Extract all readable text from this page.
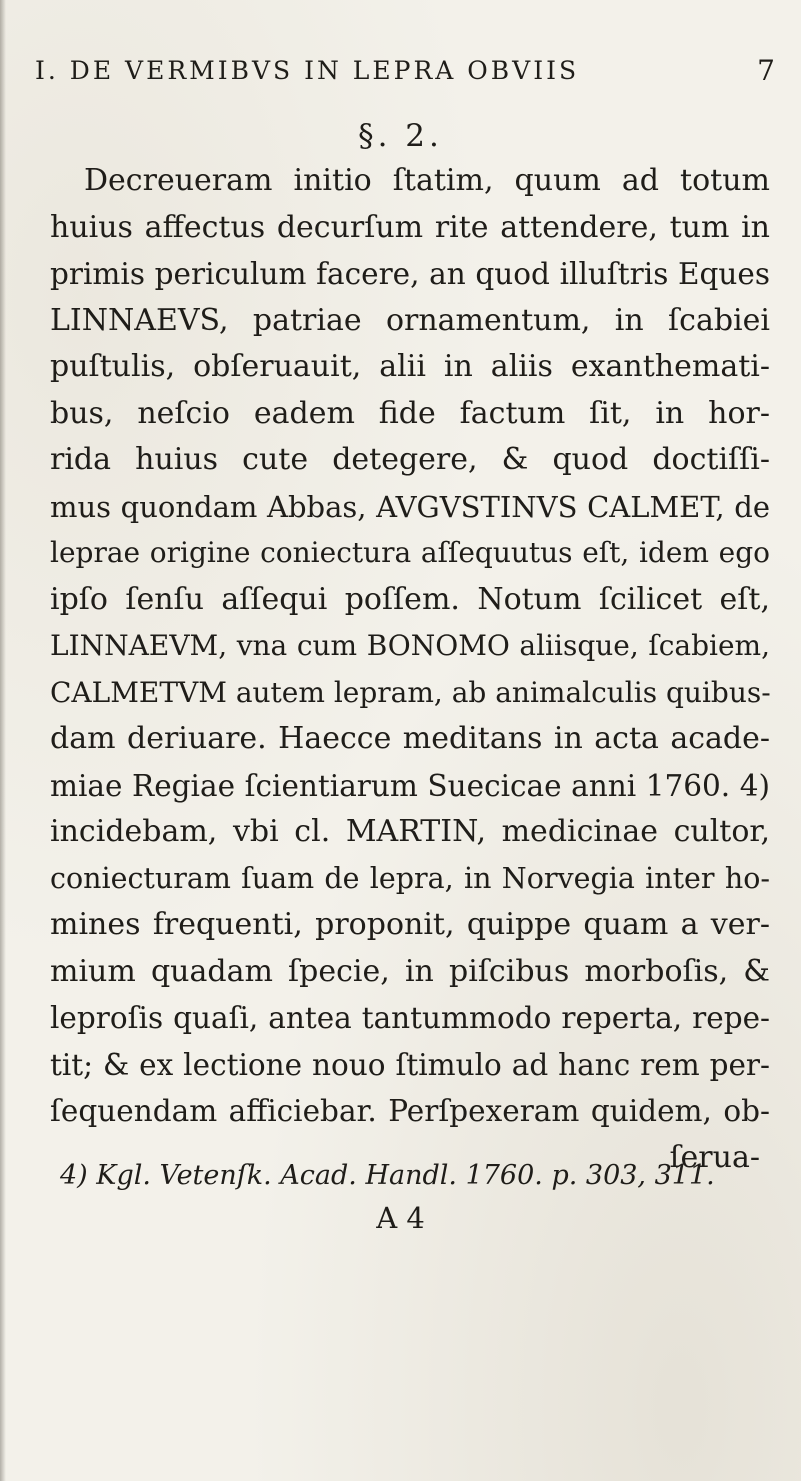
I. DE VERMIBVS IN LEPRA OBVIIS	7
§. 2.
Decreueram initio ſtatim, quum ad totum
huius affectus decurſum rite attendere, tum in
primis periculum facere, an quod illuſtris Eques
LINNAEVS, patriae ornamentum, in ſcabiei
puſtulis, obſeruauit, alii in aliis exanthemati-
bus, neſcio eadem fide factum ſit, in hor-
rida huius cute detegere, & quod doctiſſi-
mus quondam Abbas, AVGVSTINVS CALMET, de
leprae origine coniectura aſſequutus eſt, idem ego
ipſo ſenſu aſſequi poſſem. Notum ſcilicet eſt,
LINNAEVM, vna cum BONOMO aliisque, ſcabiem,
CALMETVM autem lepram, ab animalculis quibus-
dam deriuare. Haecce meditans in acta acade-
miae Regiae ſcientiarum Suecicae anni 1760. 4)
incidebam, vbi cl. MARTIN, medicinae cultor,
coniecturam ſuam de lepra, in Norvegia inter ho-
mines frequenti, proponit, quippe quam a ver-
mium quadam ſpecie, in piſcibus morboſis, &
leproſis quaſi, antea tantummodo reperta, repe-
tit; & ex lectione nouo ſtimulo ad hanc rem per-
ſequendam afficiebar. Perſpexeram quidem, ob-
ſerua-
4) Kgl. Vetenſk. Acad. Handl. 1760. p. 303, 311.
A 4
